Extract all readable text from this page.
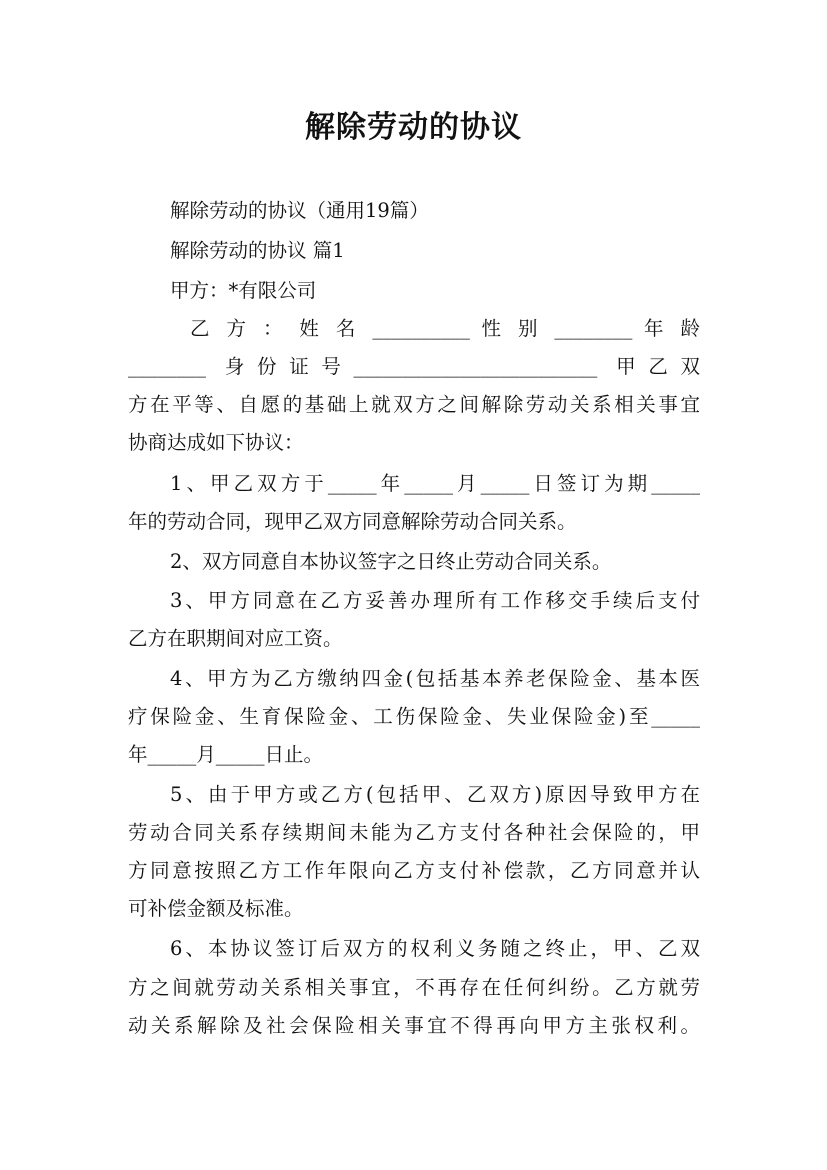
解除劳动的协议
解除劳动的协议（通用19篇）
解除劳动的协议 篇1
甲方：*有限公司
乙 方 ： 姓 名 __________ 性 别 ________ 年 龄
________ 身份证号_________________________ 甲乙双
方在平等、自愿的基础上就双方之间解除劳动关系相关事宜
协商达成如下协议：
1、甲乙双方于_____年_____月_____日签订为期_____
年的劳动合同，现甲乙双方同意解除劳动合同关系。
2、双方同意自本协议签字之日终止劳动合同关系。
3、甲方同意在乙方妥善办理所有工作移交手续后支付
乙方在职期间对应工资。
4、甲方为乙方缴纳四金(包括基本养老保险金、基本医
疗保险金、生育保险金、工伤保险金、失业保险金)至_____
年_____月_____日止。
5、由于甲方或乙方(包括甲、乙双方)原因导致甲方在
劳动合同关系存续期间未能为乙方支付各种社会保险的，甲
方同意按照乙方工作年限向乙方支付补偿款，乙方同意并认
可补偿金额及标准。
6、本协议签订后双方的权利义务随之终止，甲、乙双
方之间就劳动关系相关事宜，不再存在任何纠纷。乙方就劳
动关系解除及社会保险相关事宜不得再向甲方主张权利。
